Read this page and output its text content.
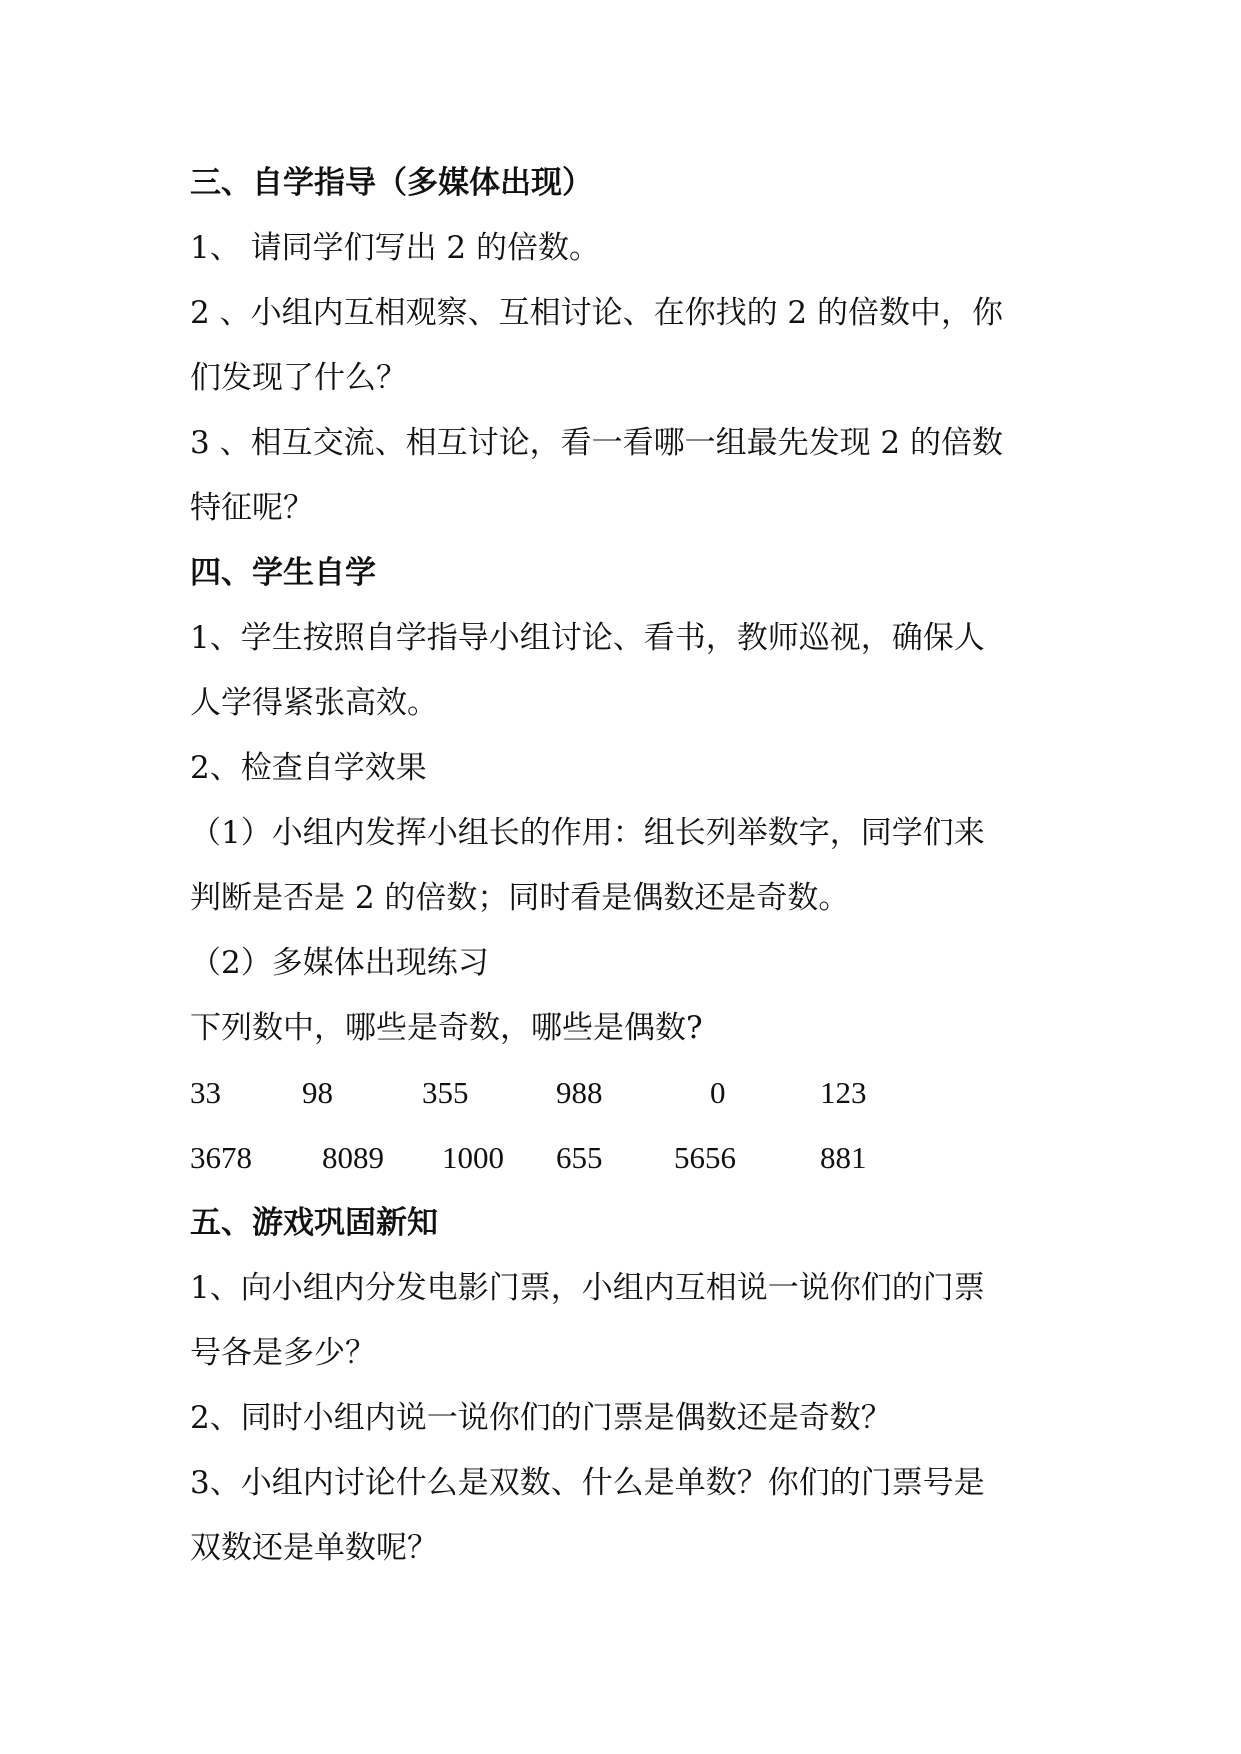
三、自学指导（多媒体出现）
1、 请同学们写出 2 的倍数。
2 、小组内互相观察、互相讨论、在你找的 2 的倍数中，你
们发现了什么？
3 、相互交流、相互讨论，看一看哪一组最先发现 2 的倍数
特征呢？
四、学生自学
1、学生按照自学指导小组讨论、看书，教师巡视，确保人
人学得紧张高效。
2、检查自学效果
（1）小组内发挥小组长的作用：组长列举数字，同学们来
判断是否是 2 的倍数；同时看是偶数还是奇数。
（2）多媒体出现练习
下列数中，哪些是奇数，哪些是偶数?
33	98	355	988	0	123
3678 8089 1000 655 5656	881
五、游戏巩固新知
1、向小组内分发电影门票，小组内互相说一说你们的门票
号各是多少？
2、同时小组内说一说你们的门票是偶数还是奇数？
3、小组内讨论什么是双数、什么是单数？你们的门票号是
双数还是单数呢？
